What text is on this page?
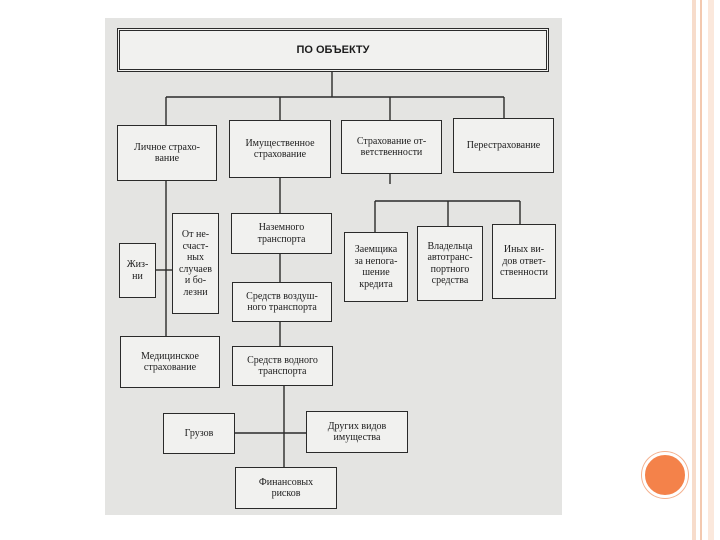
ПО ОБЪЕКТУ
Личное страхо-
вание
Имущественное
страхование
Страхование от-
ветственности
Перестрахование
Жиз-
ни
От не-
счаст-
ных
случаев
и бо-
лезни
Медицинское
страхование
Наземного
транспорта
Средств воздуш-
ного транспорта
Средств водного
транспорта
Грузов
Других видов
имущества
Финансовых
рисков
Заемщика
за непога-
шение
кредита
Владельца
автотранс-
портного
средства
Иных ви-
дов ответ-
ственности
